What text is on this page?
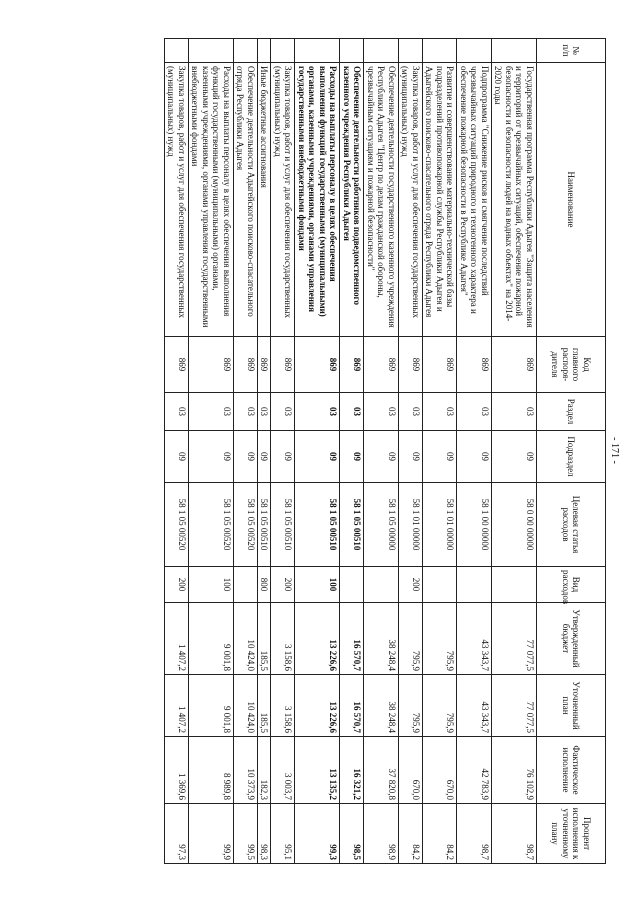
- 171 -
№ п/п	Наименование	Код главного распоря-дителя	Раздел	Подраздел	Целевая статья расходов	Вид расходов	Утвержденный бюджет	Уточненный план	Фактическое исполнение	Процент исполнения к уточненному плану
	Государственная программа Республики Адыгея "Защита населения и территорий от чрезвычайных ситуаций, обеспечение пожарной безопасности и безопасности людей на водных объектах" на 2014-2020 годы	869	03	09	58 0 00 00000		77 077,5	77 077,5	76 102,9	98,7
	Подпрограмма "Снижение рисков и смягчение последствий чрезвычайных ситуаций природного и техногенного характера и обеспечение пожарной безопасности в Республике Адыгея"	869	03	09	58 1 00 00000		43 343,7	43 343,7	42 783,9	98,7
	Развитие и совершенствование материально-технической базы подразделений противопожарной службы Республики Адыгея и Адыгейского поисково-спасательного отряда Республики Адыгея	869	03	09	58 1 01 00000		795,9	795,9	670,0	84,2
	Закупка товаров, работ и услуг для обеспечения государственных (муниципальных) нужд	869	03	09	58 1 01 00000	200	795,9	795,9	670,0	84,2
	Обеспечение деятельности государственного казенного учреждения Республики Адыгея "Центр по делам гражданской обороны, чрезвычайным ситуациям и пожарной безопасности"	869	03	09	58 1 05 00000		38 248,4	38 248,4	37 820,8	98,9
	Обеспечение деятельности работников подведомственного казенного учреждения Республики Адыгея	869	03	09	58 1 05 00510		16 570,7	16 570,7	16 321,2	98,5
	Расходы на выплаты персоналу в целях обеспечения выполнения функций государственными (муниципальными) органами, казенными учреждениями, органами управления государственными внебюджетными фондами	869	03	09	58 1 05 00510	100	13 226,6	13 226,6	13 135,2	99,3
	Закупка товаров, работ и услуг для обеспечения государственных (муниципальных) нужд	869	03	09	58 1 05 00510	200	3 158,6	3 158,6	3 003,7	95,1
	Иные бюджетные ассигнования	869	03	09	58 1 05 00510	800	185,5	185,5	182,3	98,3
	Обеспечение деятельности Адыгейского поисково-спасательного отряда Республики Адыгея	869	03	09	58 1 05 00520		10 424,0	10 424,0	10 373,9	99,5
	Расходы на выплаты персоналу в целях обеспечения выполнения функций государственными (муниципальными) органами, казенными учреждениями, органами управления государственными внебюджетными фондами	869	03	09	58 1 05 00520	100	9 001,8	9 001,8	8 989,8	99,9
	Закупка товаров, работ и услуг для обеспечения государственных (муниципальных) нужд	869	03	09	58 1 05 00520	200	1 407,2	1 407,2	1 369,6	97,3
